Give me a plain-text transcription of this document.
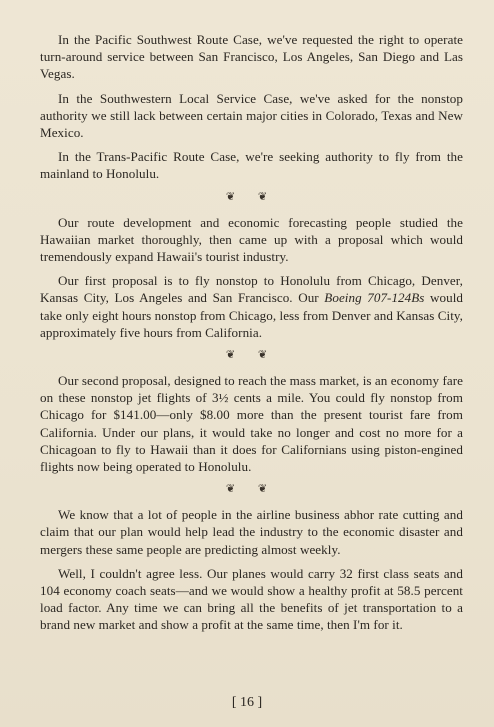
In the Pacific Southwest Route Case, we've requested the right to operate turn-around service between San Francisco, Los Angeles, San Diego and Las Vegas.

In the Southwestern Local Service Case, we've asked for the nonstop authority we still lack between certain major cities in Colorado, Texas and New Mexico.

In the Trans-Pacific Route Case, we're seeking authority to fly from the mainland to Honolulu.

❦ ❦

Our route development and economic forecasting people studied the Hawaiian market thoroughly, then came up with a proposal which would tremendously expand Hawaii's tourist industry.

Our first proposal is to fly nonstop to Honolulu from Chicago, Denver, Kansas City, Los Angeles and San Francisco. Our Boeing 707-124Bs would take only eight hours nonstop from Chicago, less from Denver and Kansas City, approximately five hours from California.

❦ ❦

Our second proposal, designed to reach the mass market, is an economy fare on these nonstop jet flights of 3½ cents a mile. You could fly nonstop from Chicago for $141.00—only $8.00 more than the present tourist fare from California. Under our plans, it would take no longer and cost no more for a Chicagoan to fly to Hawaii than it does for Californians using piston-engined flights now being operated to Honolulu.

❦ ❦

We know that a lot of people in the airline business abhor rate cutting and claim that our plan would help lead the industry to the economic disaster and mergers these same people are predicting almost weekly.

Well, I couldn't agree less. Our planes would carry 32 first class seats and 104 economy coach seats—and we would show a healthy profit at 58.5 percent load factor. Any time we can bring all the benefits of jet transportation to a brand new market and show a profit at the same time, then I'm for it.

[ 16 ]
